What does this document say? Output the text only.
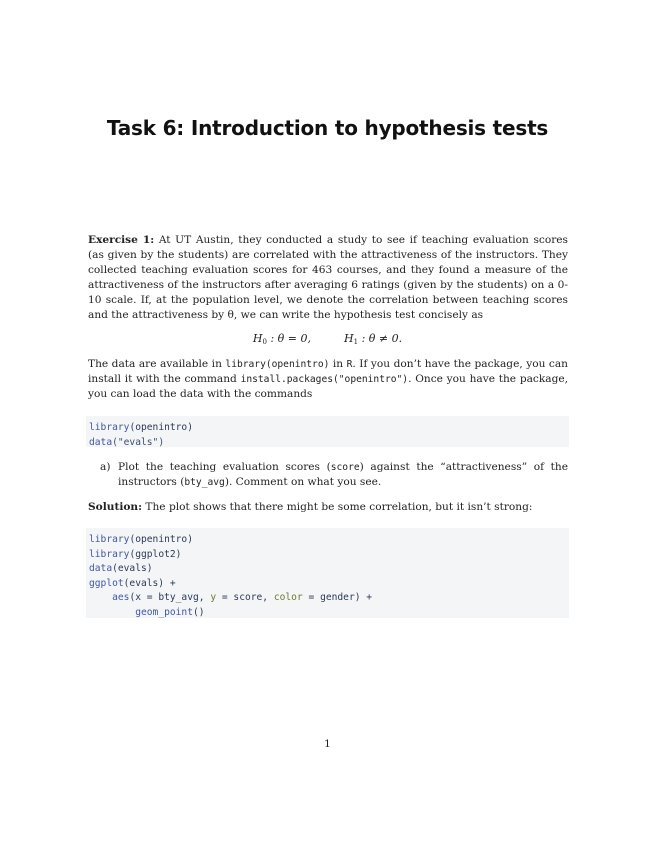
Task 6: Introduction to hypothesis tests
Exercise 1: At UT Austin, they conducted a study to see if teaching evaluation scores (as given by the students) are correlated with the attractiveness of the instructors. They collected teaching evaluation scores for 463 courses, and they found a measure of the attractiveness of the instructors after averaging 6 ratings (given by the students) on a 0-10 scale. If, at the population level, we denote the correlation between teaching scores and the attractiveness by θ, we can write the hypothesis test concisely as
$H_0$ : θ = 0,	$H_1$ : θ ≠ 0.
The data are available in library(openintro) in R. If you don’t have the package, you can install it with the command install.packages("openintro"). Once you have the package, you can load the data with the commands
library(openintro)
data("evals")
a) Plot the teaching evaluation scores (score) against the “attractiveness” of the instructors (bty_avg). Comment on what you see.
Solution: The plot shows that there might be some correlation, but it isn’t strong:
library(openintro)
library(ggplot2)
data(evals)
ggplot(evals) +
aes(x = bty_avg, y = score, color = gender) +
geom_point()
1
